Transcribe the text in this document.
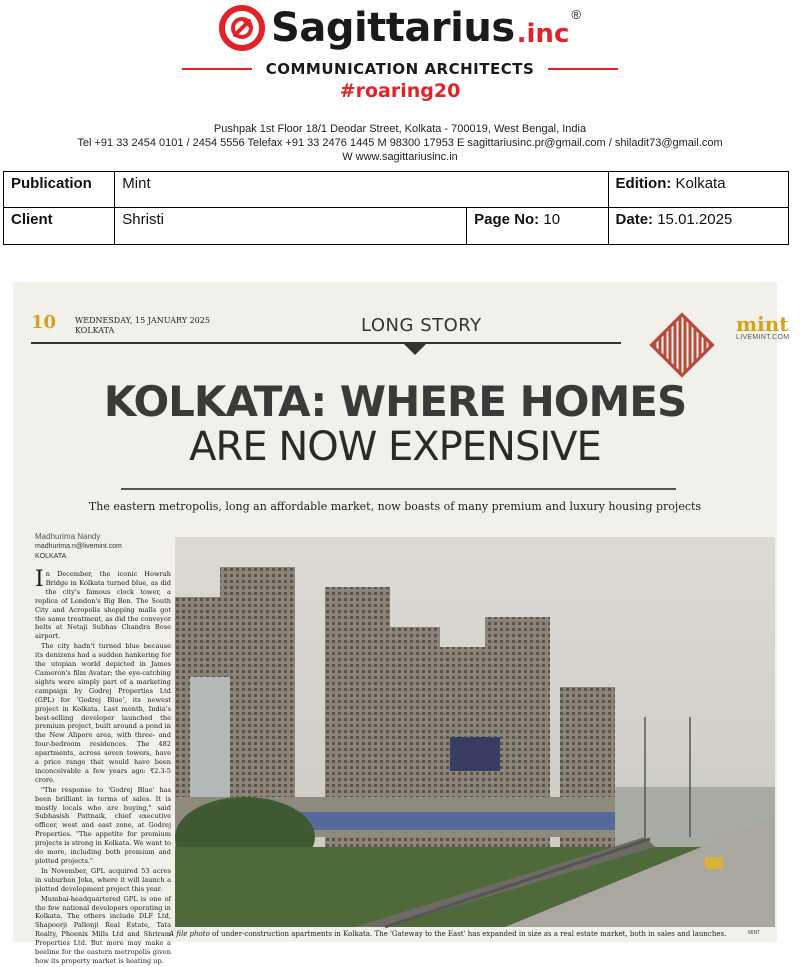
Sagittarius .inc
®
COMMUNICATION ARCHITECTS
#roaring20
Pushpak 1st Floor 18/1 Deodar Street, Kolkata - 700019, West Bengal, India
Tel +91 33 2454 0101 / 2454 5556 Telefax +91 33 2476 1445 M 98300 17953 E sagittariusinc.pr@gmail.com / shiladit73@gmail.com
W www.sagittariusinc.in
Publication	Mint		Edition: Kolkata
Client	Shristi	Page No: 10	Date: 15.01.2025
10 WEDNESDAY, 15 JANUARY 2025
KOLKATA	LONG STORY	mint
LIVEMINT.COM
KOLKATA: WHERE HOMES
ARE NOW EXPENSIVE
The eastern metropolis, long an affordable market, now boasts of many premium and luxury housing projects
Madhurima Nandy
madhurima.n@livemint.com
KOLKATA

In December, the iconic Howrah Bridge in Kolkata turned blue, as did the city's famous clock tower, a replica of London's Big Ben. The South City and Acropolis shopping malls got the same treatment, as did the conveyor belts at Netaji Subhas Chandra Bose airport.

The city hadn't turned blue because its denizens had a sudden hankering for the utopian world depicted in James Cameron's film Avatar; the eye-catching sights were simply part of a marketing campaign by Godrej Properties Ltd (GPL) for 'Godrej Blue', its newest project in Kolkata. Last month, India's best-selling developer launched the premium project, built around a pond in the New Alipore area, with three- and four-bedroom residences. The 482 apartments, across seven towers, have a price range that would have been inconceivable a few years ago: ₹2.3-5 crore.

"The response to 'Godrej Blue' has been brilliant in terms of sales. It is mostly locals who are buying," said Subhasish Pattnaik, chief executive officer, west and east zone, at Godrej Properties. "The appetite for premium projects is strong in Kolkata. We want to do more, including both premium and plotted projects."

In November, GPL acquired 53 acres in suburban Joka, where it will launch a plotted development project this year.

Mumbai-headquartered GPL is one of the few national developers operating in Kolkata. The others include DLF Ltd, Shapoorji Pallonji Real Estate, Tata Realty, Phoenix Mills Ltd and Shriram Properties Ltd. But more may make a beeline for the eastern metropolis given how its property market is heating up.

A file photo of under-construction apartments in Kolkata. The 'Gateway to the East' has expanded in size as a real estate market, both in sales and launches.	MINT
